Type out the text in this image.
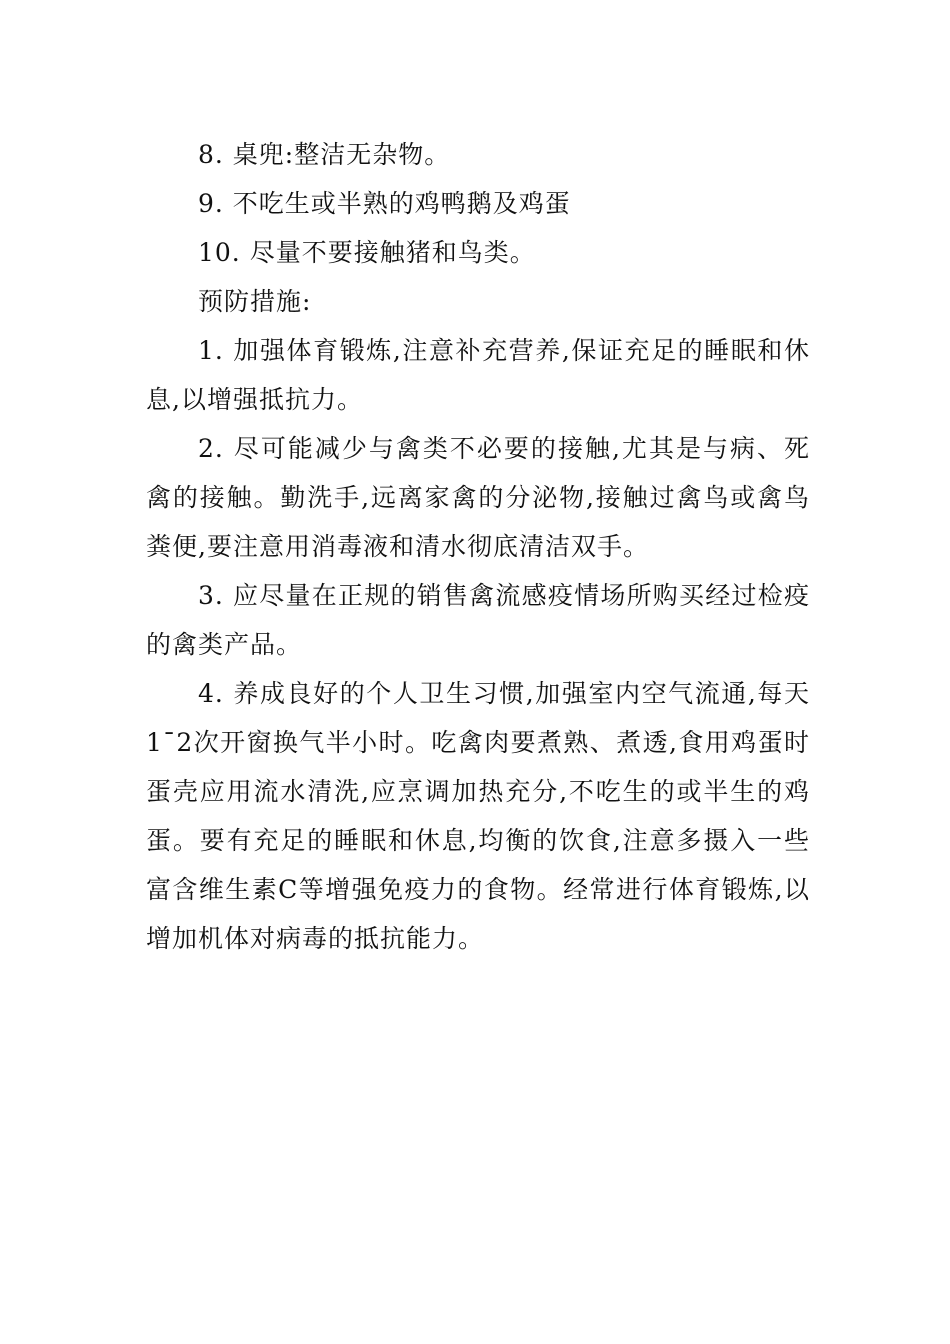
8. 桌兜:整洁无杂物。

9. 不吃生或半熟的鸡鸭鹅及鸡蛋

10. 尽量不要接触猪和鸟类。

预防措施:

1. 加强体育锻炼,注意补充营养,保证充足的睡眠和休息,以增强抵抗力。

2. 尽可能减少与禽类不必要的接触,尤其是与病、死禽的接触。勤洗手,远离家禽的分泌物,接触过禽鸟或禽鸟粪便,要注意用消毒液和清水彻底清洁双手。

3. 应尽量在正规的销售禽流感疫情场所购买经过检疫的禽类产品。

4. 养成良好的个人卫生习惯,加强室内空气流通,每天1¯2次开窗换气半小时。吃禽肉要煮熟、煮透,食用鸡蛋时蛋壳应用流水清洗,应烹调加热充分,不吃生的或半生的鸡蛋。要有充足的睡眠和休息,均衡的饮食,注意多摄入一些富含维生素C等增强免疫力的食物。经常进行体育锻炼,以增加机体对病毒的抵抗能力。
